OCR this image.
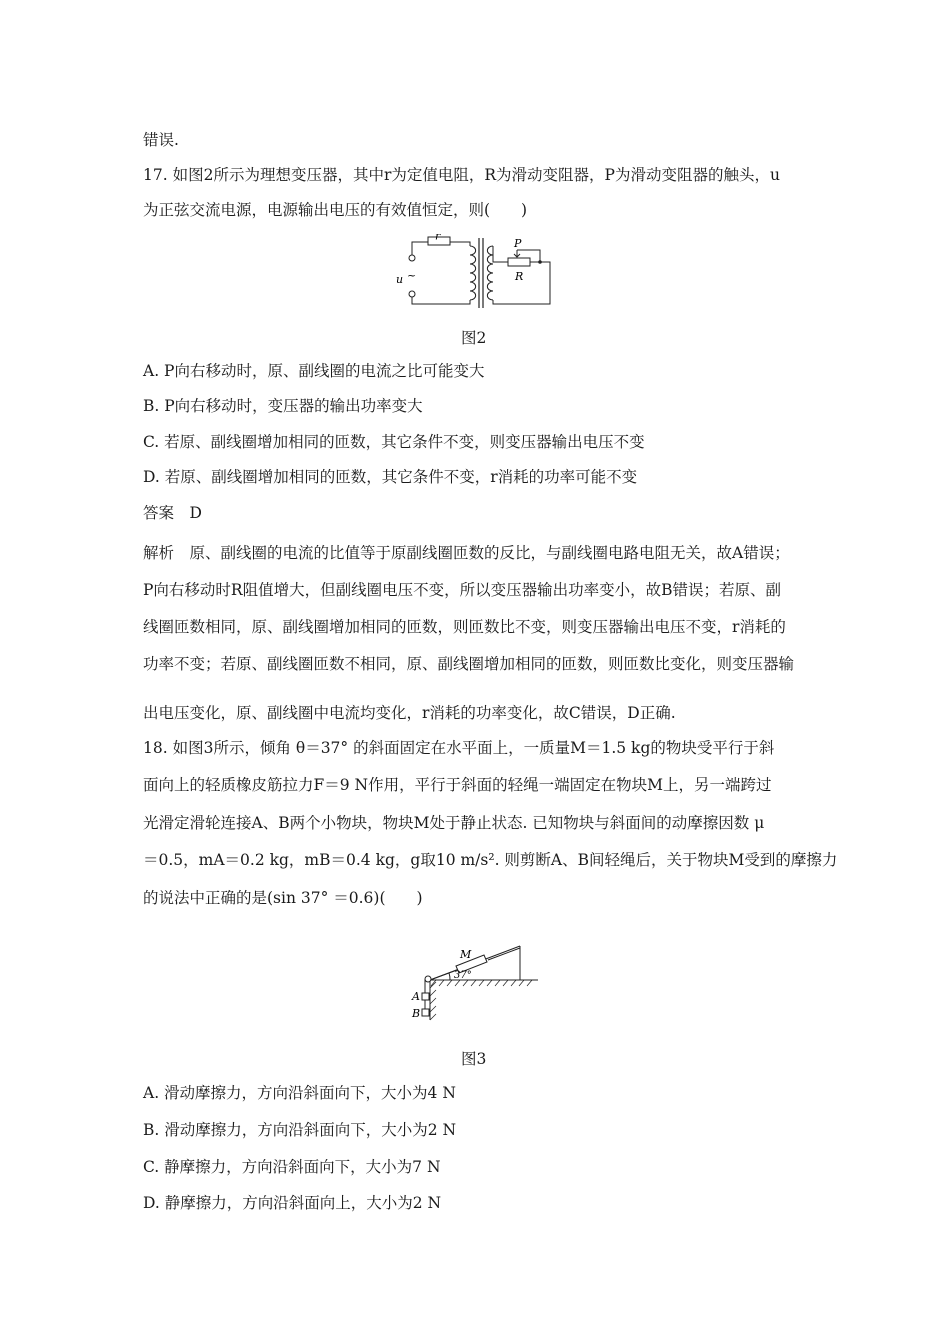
错误.
17. 如图2所示为理想变压器，其中r为定值电阻，R为滑动变阻器，P为滑动变阻器的触头，u
为正弦交流电源，电源输出电压的有效值恒定，则(　　)
r
P
R
u ~
图2
A. P向右移动时，原、副线圈的电流之比可能变大
B. P向右移动时，变压器的输出功率变大
C. 若原、副线圈增加相同的匝数，其它条件不变，则变压器输出电压不变
D. 若原、副线圈增加相同的匝数，其它条件不变，r消耗的功率可能不变
答案　D
解析　原、副线圈的电流的比值等于原副线圈匝数的反比，与副线圈电路电阻无关，故A错误；
P向右移动时R阻值增大，但副线圈电压不变，所以变压器输出功率变小，故B错误；若原、副
线圈匝数相同，原、副线圈增加相同的匝数，则匝数比不变，则变压器输出电压不变，r消耗的
功率不变；若原、副线圈匝数不相同，原、副线圈增加相同的匝数，则匝数比变化，则变压器输
出电压变化，原、副线圈中电流均变化，r消耗的功率变化，故C错误，D正确.
18. 如图3所示，倾角 θ＝37° 的斜面固定在水平面上，一质量M＝1.5 kg的物块受平行于斜
面向上的轻质橡皮筋拉力F＝9 N作用，平行于斜面的轻绳一端固定在物块M上，另一端跨过
光滑定滑轮连接A、B两个小物块，物块M处于静止状态. 已知物块与斜面间的动摩擦因数 μ
＝0.5，mA＝0.2 kg，mB＝0.4 kg，g取10 m/s². 则剪断A、B间轻绳后，关于物块M受到的摩擦力
的说法中正确的是(sin 37° ＝0.6)(　　)
M
37°
A
B
图3
A. 滑动摩擦力，方向沿斜面向下，大小为4 N
B. 滑动摩擦力，方向沿斜面向下，大小为2 N
C. 静摩擦力，方向沿斜面向下，大小为7 N
D. 静摩擦力，方向沿斜面向上，大小为2 N
